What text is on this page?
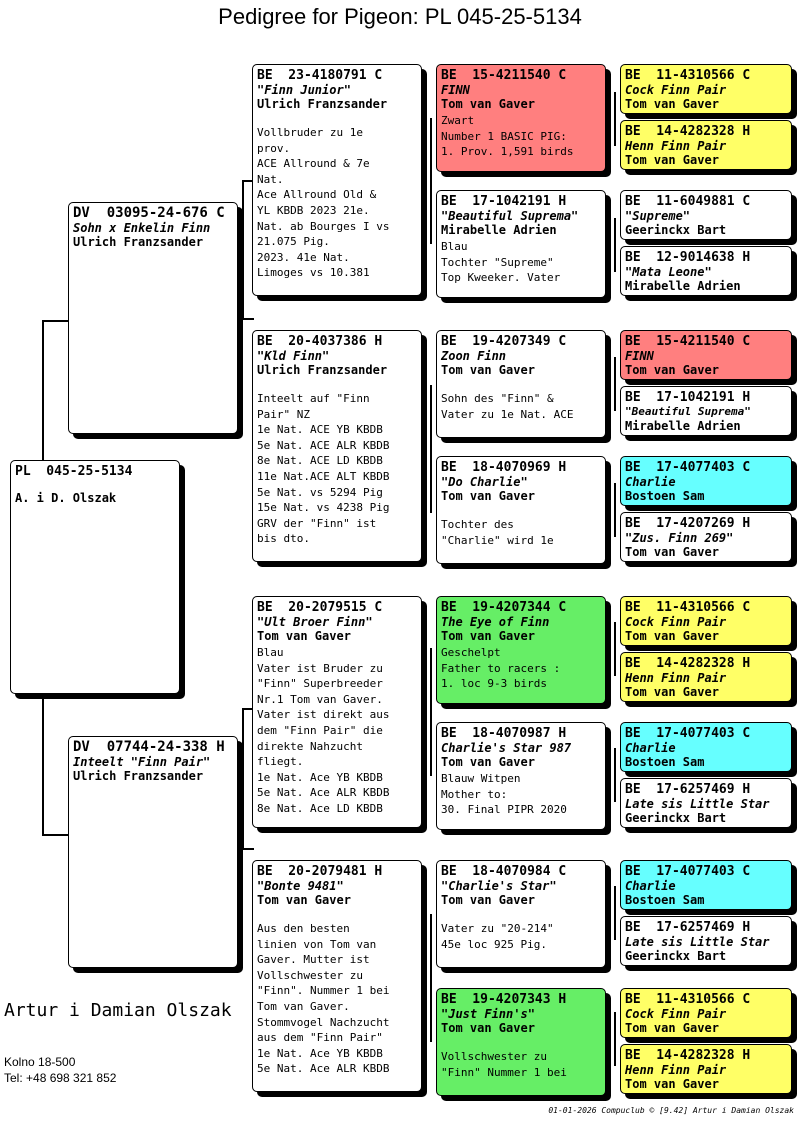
Pedigree for Pigeon: PL 045-25-5134
PL  045-25-5134
A. i D. Olszak
DV  03095-24-676 C
Sohn x Enkelin Finn
Ulrich Franzsander
DV  07744-24-338 H
Inteelt "Finn Pair"
Ulrich Franzsander
BE  23-4180791 C
"Finn Junior"
Ulrich Franzsander
Vollbruder zu 1e
prov.
ACE Allround & 7e
Nat.
Ace Allround Old &
YL KBDB 2023 21e.
Nat. ab Bourges I vs
21.075 Pig.
2023. 41e Nat.
Limoges vs 10.381
BE  20-4037386 H
"Kld Finn"
Ulrich Franzsander
Inteelt auf "Finn
Pair" NZ
1e Nat. ACE YB KBDB
5e Nat. ACE ALR KBDB
8e Nat. ACE LD KBDB
11e Nat.ACE ALT KBDB
5e Nat. vs 5294 Pig
15e Nat. vs 4238 Pig
GRV der "Finn" ist
bis dto.
BE  20-2079515 C
"Ult Broer Finn"
Tom van Gaver
Blau
Vater ist Bruder zu
"Finn" Superbreeder
Nr.1 Tom van Gaver.
Vater ist direkt aus
dem "Finn Pair" die
direkte Nahzucht
fliegt.
1e Nat. Ace YB KBDB
5e Nat. Ace ALR KBDB
8e Nat. Ace LD KBDB
BE  20-2079481 H
"Bonte 9481"
Tom van Gaver
Aus den besten
linien von Tom van
Gaver. Mutter ist
Vollschwester zu
"Finn". Nummer 1 bei
Tom van Gaver.
Stommvogel Nachzucht
aus dem "Finn Pair"
1e Nat. Ace YB KBDB
5e Nat. Ace ALR KBDB
BE  15-4211540 C
FINN
Tom van Gaver
Zwart
Number 1 BASIC PIG:
1. Prov. 1,591 birds
BE  17-1042191 H
"Beautiful Suprema"
Mirabelle Adrien
Blau
Tochter "Supreme"
Top Kweeker. Vater
BE  19-4207349 C
Zoon Finn
Tom van Gaver
Sohn des "Finn" &
Vater zu 1e Nat. ACE
BE  18-4070969 H
"Do Charlie"
Tom van Gaver
Tochter des
"Charlie" wird 1e
BE  19-4207344 C
The Eye of Finn
Tom van Gaver
Geschelpt
Father to racers :
1. loc 9-3 birds
BE  18-4070987 H
Charlie's Star 987
Tom van Gaver
Blauw Witpen
Mother to:
30. Final PIPR 2020
BE  18-4070984 C
"Charlie's Star"
Tom van Gaver
Vater zu "20-214"
45e loc 925 Pig.
BE  19-4207343 H
"Just Finn's"
Tom van Gaver
Vollschwester zu
"Finn" Nummer 1 bei
BE  11-4310566 C
Cock Finn Pair
Tom van Gaver
BE  14-4282328 H
Henn Finn Pair
Tom van Gaver
BE  11-6049881 C
"Supreme"
Geerinckx Bart
BE  12-9014638 H
"Mata Leone"
Mirabelle Adrien
BE  15-4211540 C
FINN
Tom van Gaver
BE  17-1042191 H
"Beautiful Suprema"
Mirabelle Adrien
BE  17-4077403 C
Charlie
Bostoen Sam
BE  17-4207269 H
"Zus. Finn 269"
Tom van Gaver
BE  11-4310566 C
Cock Finn Pair
Tom van Gaver
BE  14-4282328 H
Henn Finn Pair
Tom van Gaver
BE  17-4077403 C
Charlie
Bostoen Sam
BE  17-6257469 H
Late sis Little Star
Geerinckx Bart
BE  17-4077403 C
Charlie
Bostoen Sam
BE  17-6257469 H
Late sis Little Star
Geerinckx Bart
BE  11-4310566 C
Cock Finn Pair
Tom van Gaver
BE  14-4282328 H
Henn Finn Pair
Tom van Gaver
Artur i Damian Olszak
Kolno 18-500
Tel: +48 698 321 852
01-01-2026 Compuclub © [9.42] Artur i Damian Olszak
